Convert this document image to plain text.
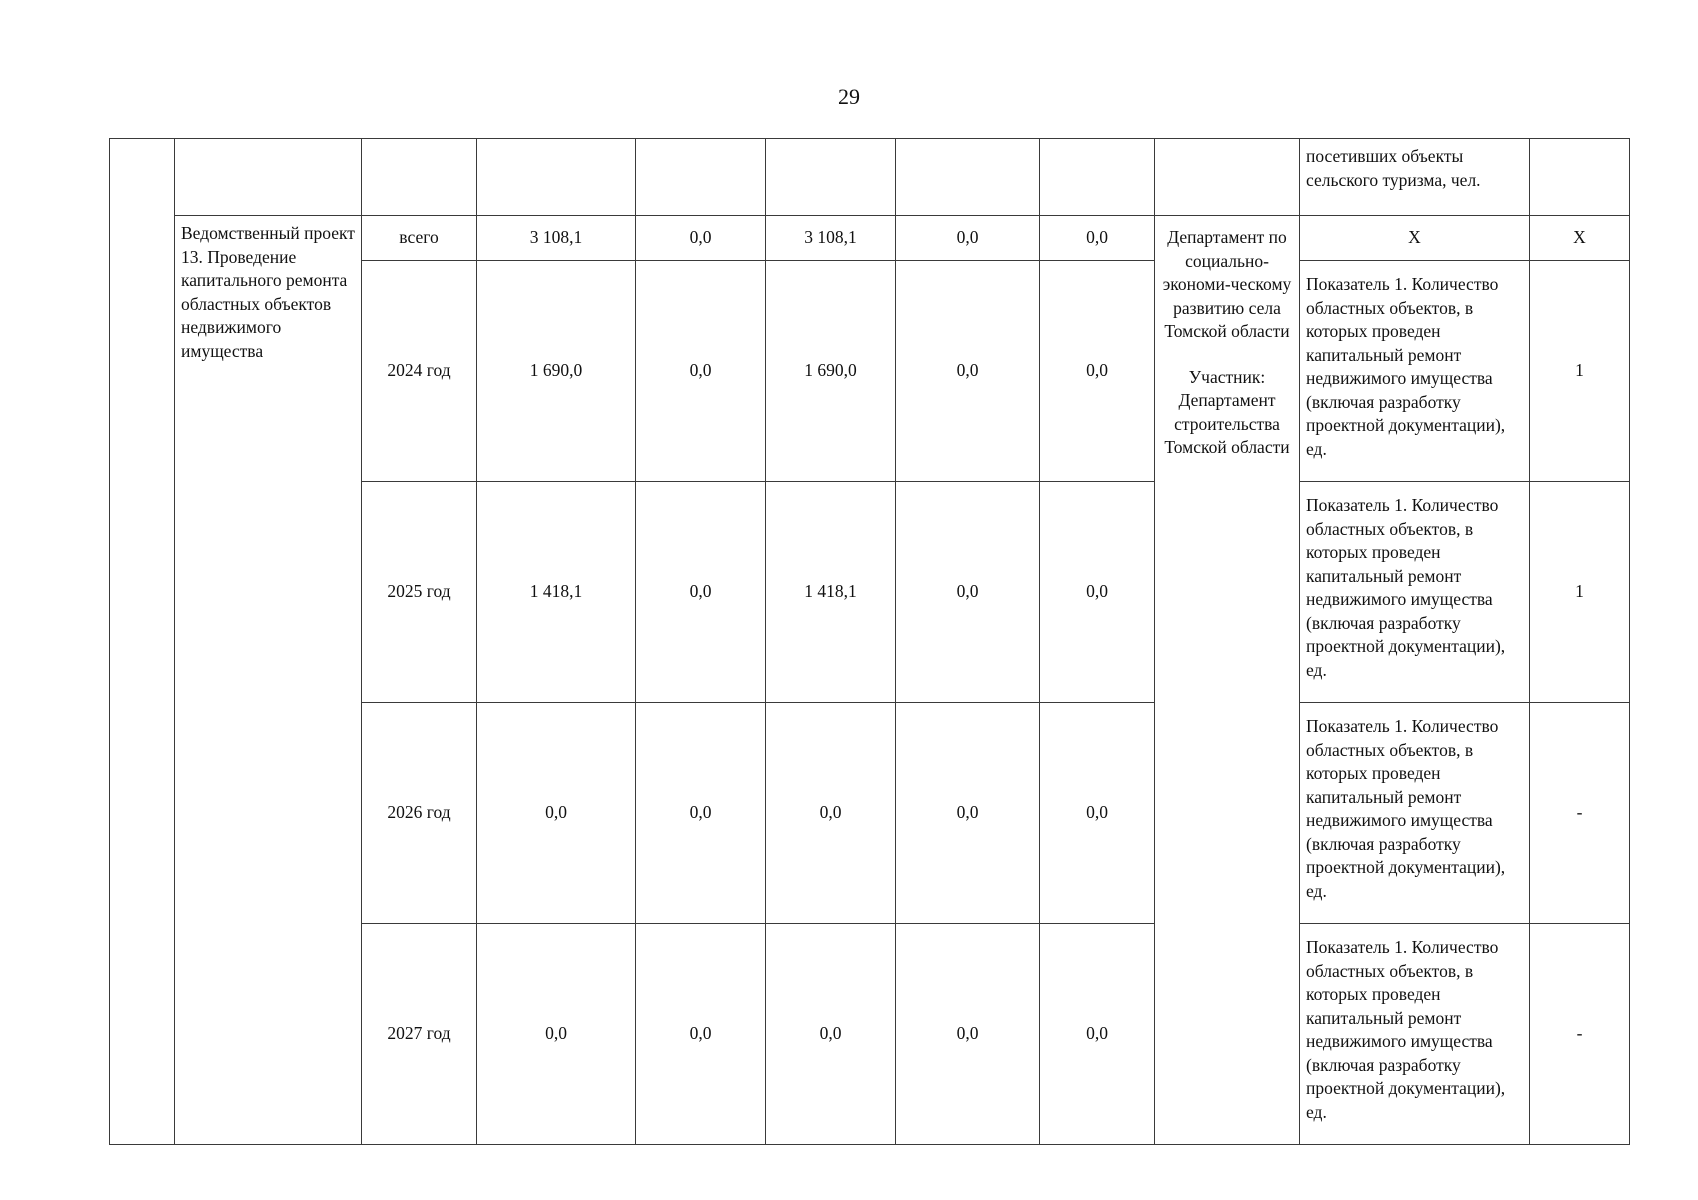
29
									посетивших объекты сельского туризма, чел.	
	Ведомственный проект 13. Проведение капитального ремонта областных объектов недвижимого имущества	всего	3 108,1	0,0	3 108,1	0,0	0,0	Департамент по социально-экономи-ческому развитию села Томской области
Участник: Департамент строительства Томской области	Х	Х
		2024 год	1 690,0	0,0	1 690,0	0,0	0,0		Показатель 1. Количество областных объектов, в которых проведен капитальный ремонт недвижимого имущества (включая разработку проектной документации), ед.	1
		2025 год	1 418,1	0,0	1 418,1	0,0	0,0		Показатель 1. Количество областных объектов, в которых проведен капитальный ремонт недвижимого имущества (включая разработку проектной документации), ед.	1
		2026 год	0,0	0,0	0,0	0,0	0,0		Показатель 1. Количество областных объектов, в которых проведен капитальный ремонт недвижимого имущества (включая разработку проектной документации), ед.	-
		2027 год	0,0	0,0	0,0	0,0	0,0		Показатель 1. Количество областных объектов, в которых проведен капитальный ремонт недвижимого имущества (включая разработку проектной документации), ед.	-
